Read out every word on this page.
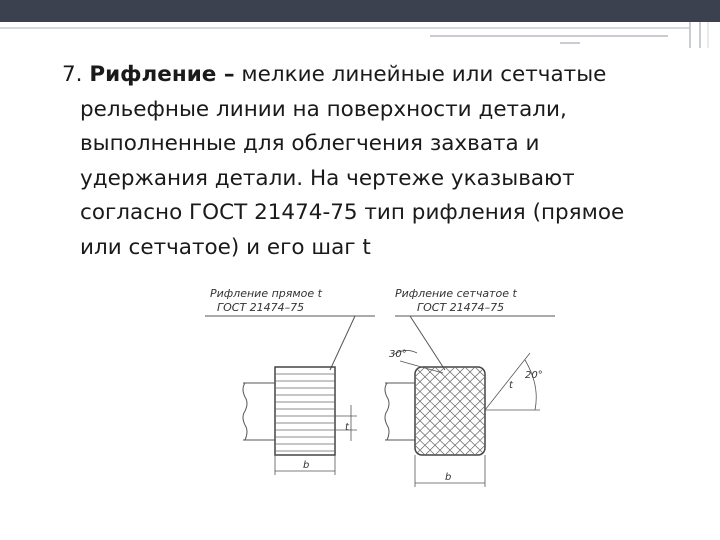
7. Рифление – мелкие линейные или сетчатые рельефные линии на поверхности детали, выполненные для облегчения захвата и удержания детали. На чертеже указывают согласно ГОСТ 21474-75 тип рифления (прямое или сетчатое) и его шаг t

Рифление прямое t
ГОСТ 21474–75
t
b
Рифление сетчатое t
ГОСТ 21474–75
30°
20°
t
b
